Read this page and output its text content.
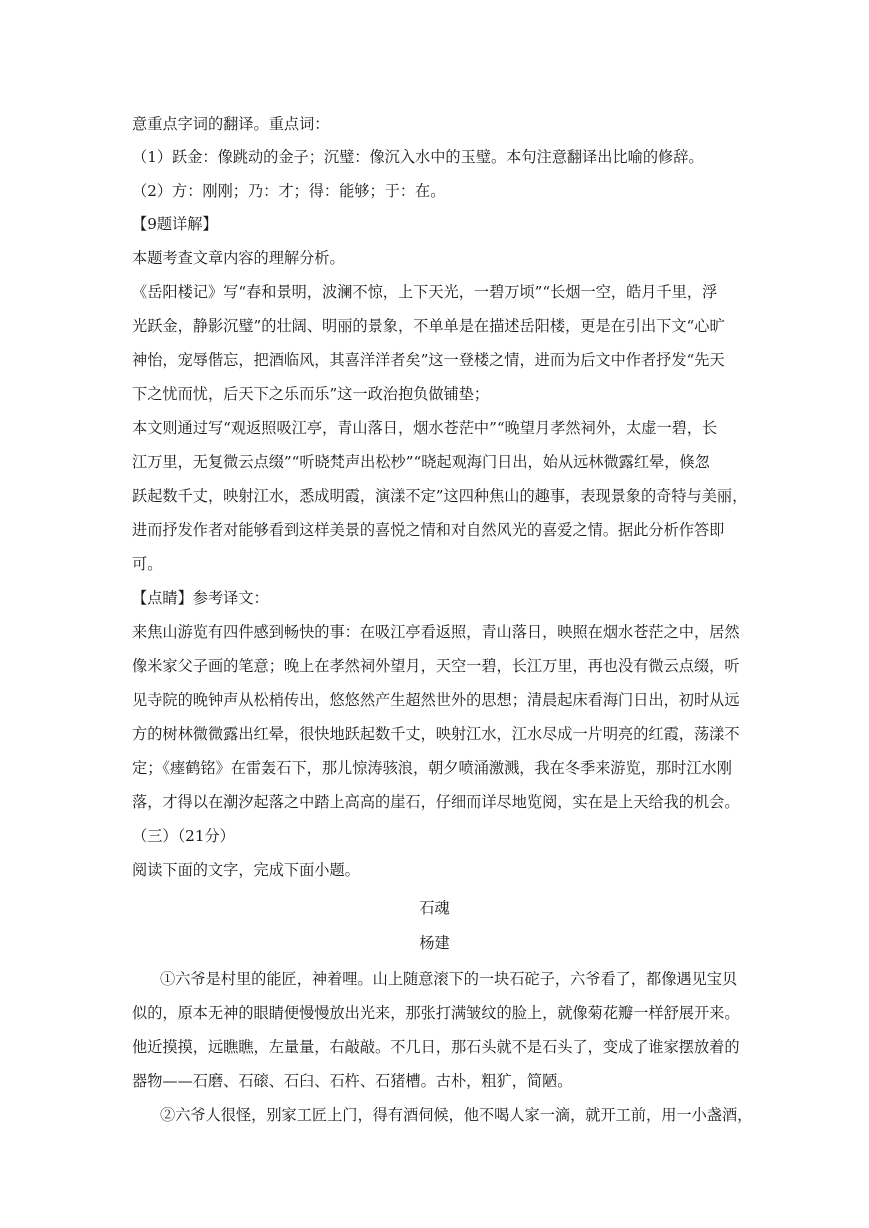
意重点字词的翻译。重点词：
（1）跃金：像跳动的金子；沉璧：像沉入水中的玉璧。本句注意翻译出比喻的修辞。
（2）方：刚刚；乃：才；得：能够；于：在。
【9题详解】
本题考查文章内容的理解分析。
《岳阳楼记》写“春和景明，波澜不惊，上下天光，一碧万顷”“长烟一空，皓月千里，浮
光跃金，静影沉璧”的壮阔、明丽的景象，不单单是在描述岳阳楼，更是在引出下文“心旷
神怡，宠辱偕忘，把酒临风，其喜洋洋者矣”这一登楼之情，进而为后文中作者抒发“先天
下之忧而忧，后天下之乐而乐”这一政治抱负做铺垫；
本文则通过写“观返照吸江亭，青山落日，烟水苍茫中”“晚望月孝然祠外，太虚一碧，长
江万里，无复微云点缀”“听晓梵声出松杪”“晓起观海门日出，始从远林微露红晕，倏忽
跃起数千丈，映射江水，悉成明霞，演漾不定”这四种焦山的趣事，表现景象的奇特与美丽，
进而抒发作者对能够看到这样美景的喜悦之情和对自然风光的喜爱之情。据此分析作答即
可。
【点睛】参考译文：
来焦山游览有四件感到畅快的事：在吸江亭看返照，青山落日，映照在烟水苍茫之中，居然
像米家父子画的笔意；晚上在孝然祠外望月，天空一碧，长江万里，再也没有微云点缀，听
见寺院的晚钟声从松梢传出，悠悠然产生超然世外的思想；清晨起床看海门日出，初时从远
方的树林微微露出红晕，很快地跃起数千丈，映射江水，江水尽成一片明亮的红霞，荡漾不
定；《瘗鹤铭》在雷轰石下，那儿惊涛骇浪，朝夕喷涌激溅，我在冬季来游览，那时江水刚
落，才得以在潮汐起落之中踏上高高的崖石，仔细而详尽地览阅，实在是上天给我的机会。
（三）（21分）
阅读下面的文字，完成下面小题。
石魂
杨建
①六爷是村里的能匠，神着哩。山上随意滚下的一块石砣子，六爷看了，都像遇见宝贝
似的，原本无神的眼睛便慢慢放出光来，那张打满皱纹的脸上，就像菊花瓣一样舒展开来。
他近摸摸，远瞧瞧，左量量，右敲敲。不几日，那石头就不是石头了，变成了谁家摆放着的
器物——石磨、石磙、石臼、石杵、石猪槽。古朴，粗犷，简陋。
②六爷人很怪，别家工匠上门，得有酒伺候，他不喝人家一滴，就开工前，用一小盏酒，
